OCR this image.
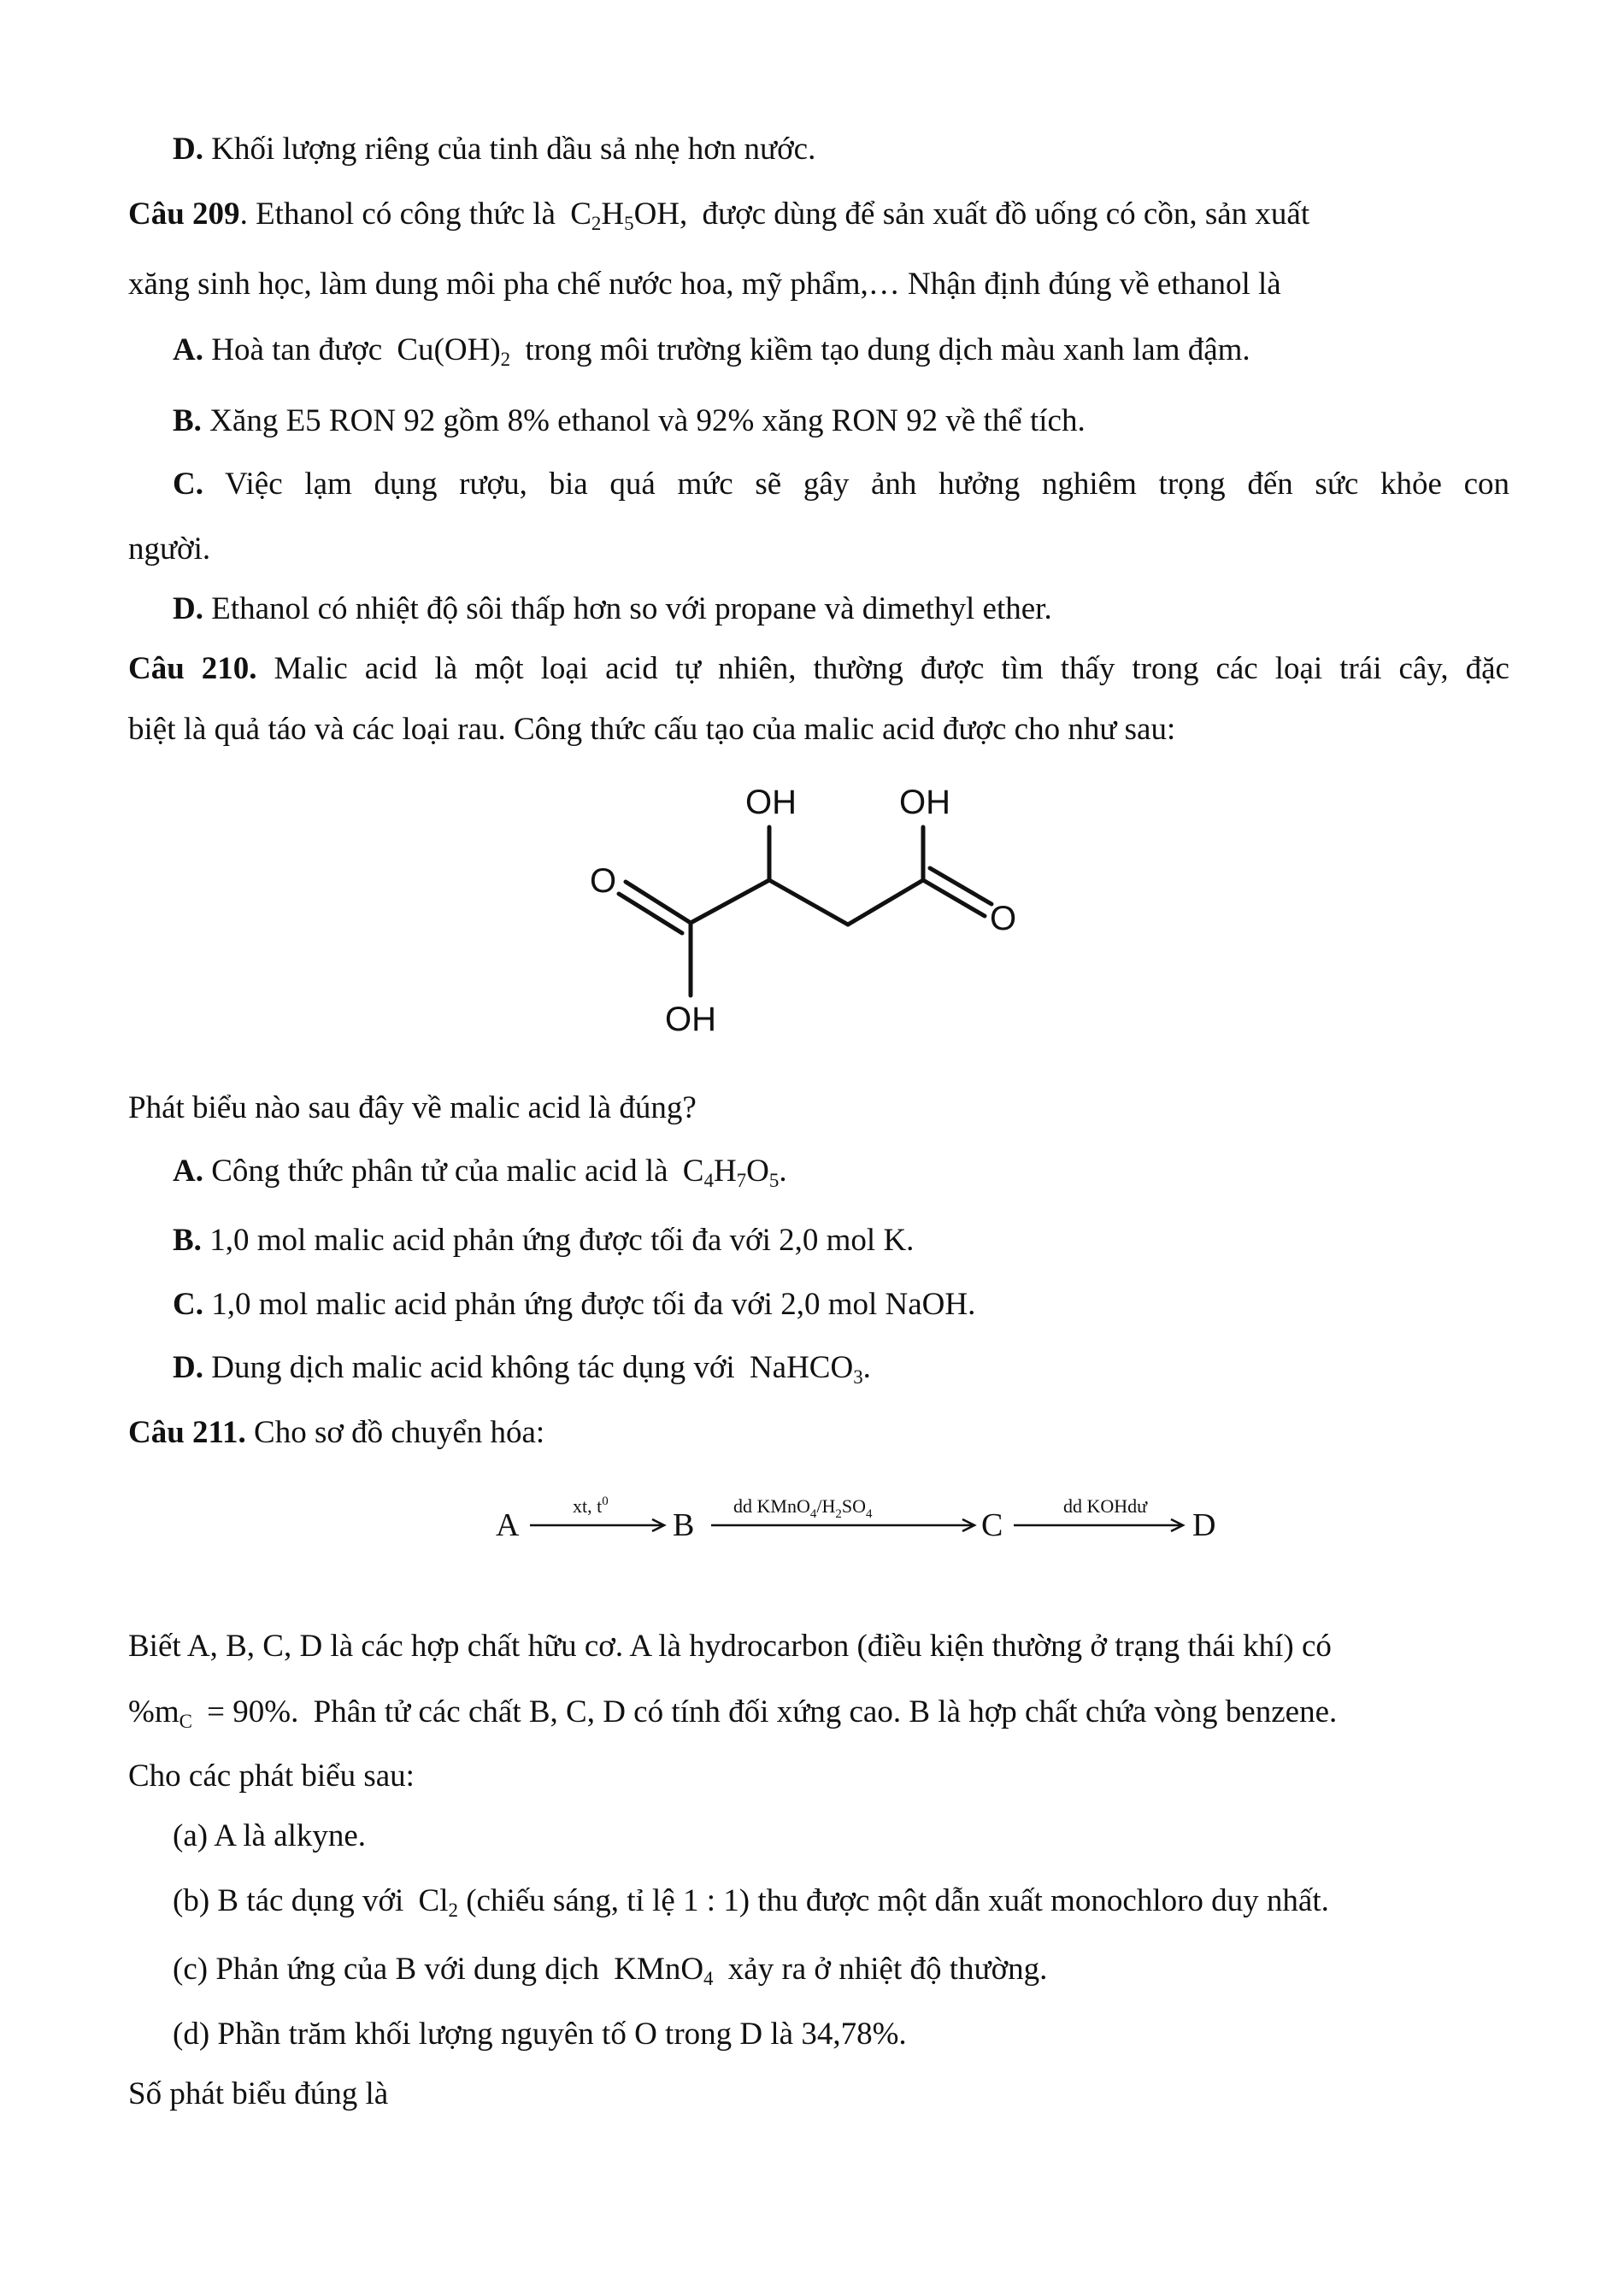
D. Khối lượng riêng của tinh dầu sả nhẹ hơn nước.
Câu 209. Ethanol có công thức là $C_2H_5OH$, được dùng để sản xuất đồ uống có cồn, sản xuất
xăng sinh học, làm dung môi pha chế nước hoa, mỹ phẩm,… Nhận định đúng về ethanol là
A. Hoà tan được $Cu(OH)_2$ trong môi trường kiềm tạo dung dịch màu xanh lam đậm.
B. Xăng E5 RON 92 gồm 8% ethanol và 92% xăng RON 92 về thể tích.
C. Việc lạm dụng rượu, bia quá mức sẽ gây ảnh hưởng nghiêm trọng đến sức khỏe con
người.
D. Ethanol có nhiệt độ sôi thấp hơn so với propane và dimethyl ether.
Câu 210. Malic acid là một loại acid tự nhiên, thường được tìm thấy trong các loại trái cây, đặc
biệt là quả táo và các loại rau. Công thức cấu tạo của malic acid được cho như sau:
OH	OH
O
O
OH
Phát biểu nào sau đây về malic acid là đúng?
A. Công thức phân tử của malic acid là $C_4H_7O_5$.
B. 1,0 mol malic acid phản ứng được tối đa với 2,0 mol K.
C. 1,0 mol malic acid phản ứng được tối đa với 2,0 mol NaOH.
D. Dung dịch malic acid không tác dụng với NaHCO$_3$.
Câu 211. Cho sơ đồ chuyển hóa:
A	B	C	D
xt, $t^0$	dd $KMnO_4/H_2SO_4$	dd KOHdư
Biết A, B, C, D là các hợp chất hữu cơ. A là hydrocarbon (điều kiện thường ở trạng thái khí) có
$\%m_C = 90\%$. Phân tử các chất B, C, D có tính đối xứng cao. B là hợp chất chứa vòng benzene.
Cho các phát biểu sau:
(a) A là alkyne.
(b) B tác dụng với $Cl_2$ (chiếu sáng, tỉ lệ 1 : 1) thu được một dẫn xuất monochloro duy nhất.
(c) Phản ứng của B với dung dịch KMnO$_4$ xảy ra ở nhiệt độ thường.
(d) Phần trăm khối lượng nguyên tố O trong D là 34,78%.
Số phát biểu đúng là
